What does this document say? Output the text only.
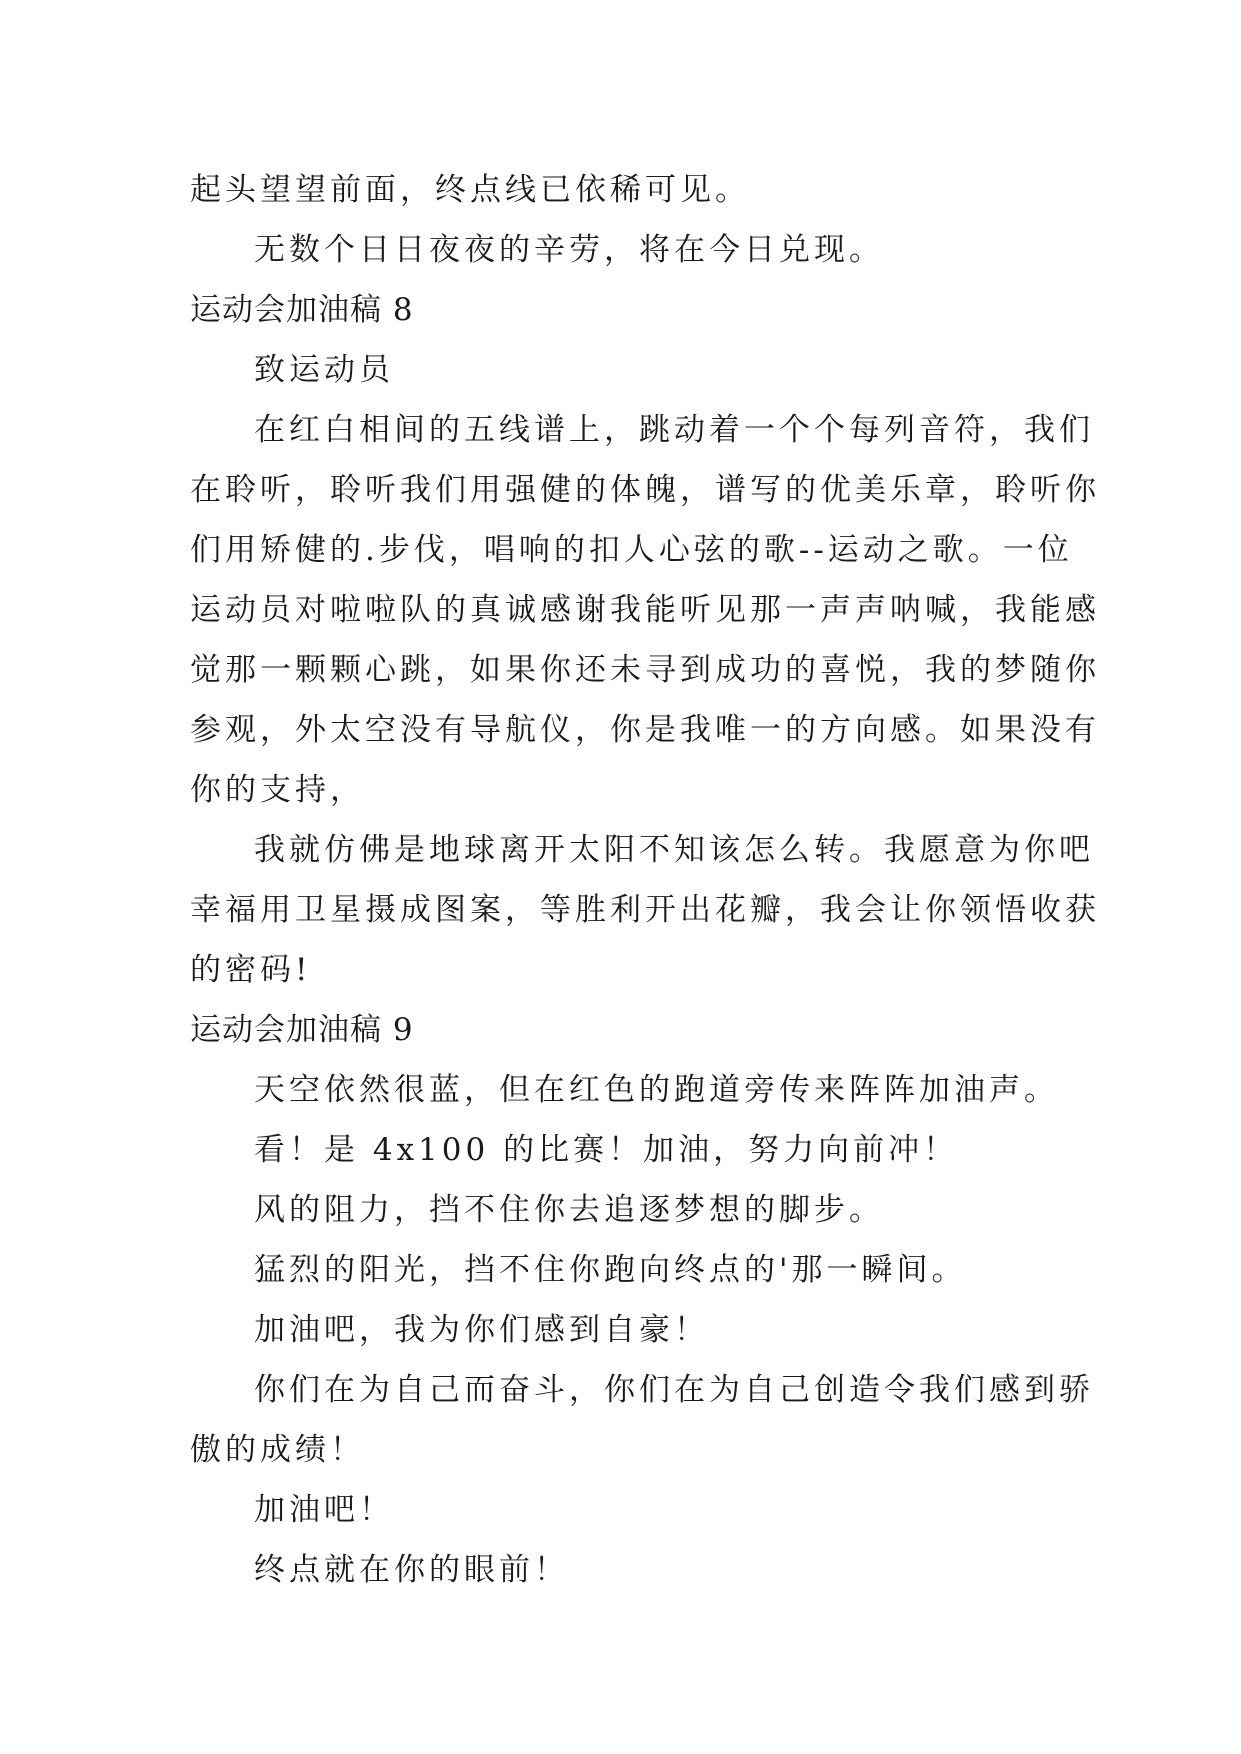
起头望望前面，终点线已依稀可见。
无数个日日夜夜的辛劳，将在今日兑现。
运动会加油稿 8
致运动员
在红白相间的五线谱上，跳动着一个个每列音符，我们
在聆听，聆听我们用强健的体魄，谱写的优美乐章，聆听你
们用矫健的.步伐，唱响的扣人心弦的歌--运动之歌。一位
运动员对啦啦队的真诚感谢我能听见那一声声呐喊，我能感
觉那一颗颗心跳，如果你还未寻到成功的喜悦，我的梦随你
参观，外太空没有导航仪，你是我唯一的方向感。如果没有
你的支持，
我就仿佛是地球离开太阳不知该怎么转。我愿意为你吧
幸福用卫星摄成图案，等胜利开出花瓣，我会让你领悟收获
的密码!
运动会加油稿 9
天空依然很蓝，但在红色的跑道旁传来阵阵加油声。
看！是 4x100 的比赛！加油，努力向前冲！
风的阻力，挡不住你去追逐梦想的脚步。
猛烈的阳光，挡不住你跑向终点的'那一瞬间。
加油吧，我为你们感到自豪！
你们在为自己而奋斗，你们在为自己创造令我们感到骄
傲的成绩！
加油吧！
终点就在你的眼前！
